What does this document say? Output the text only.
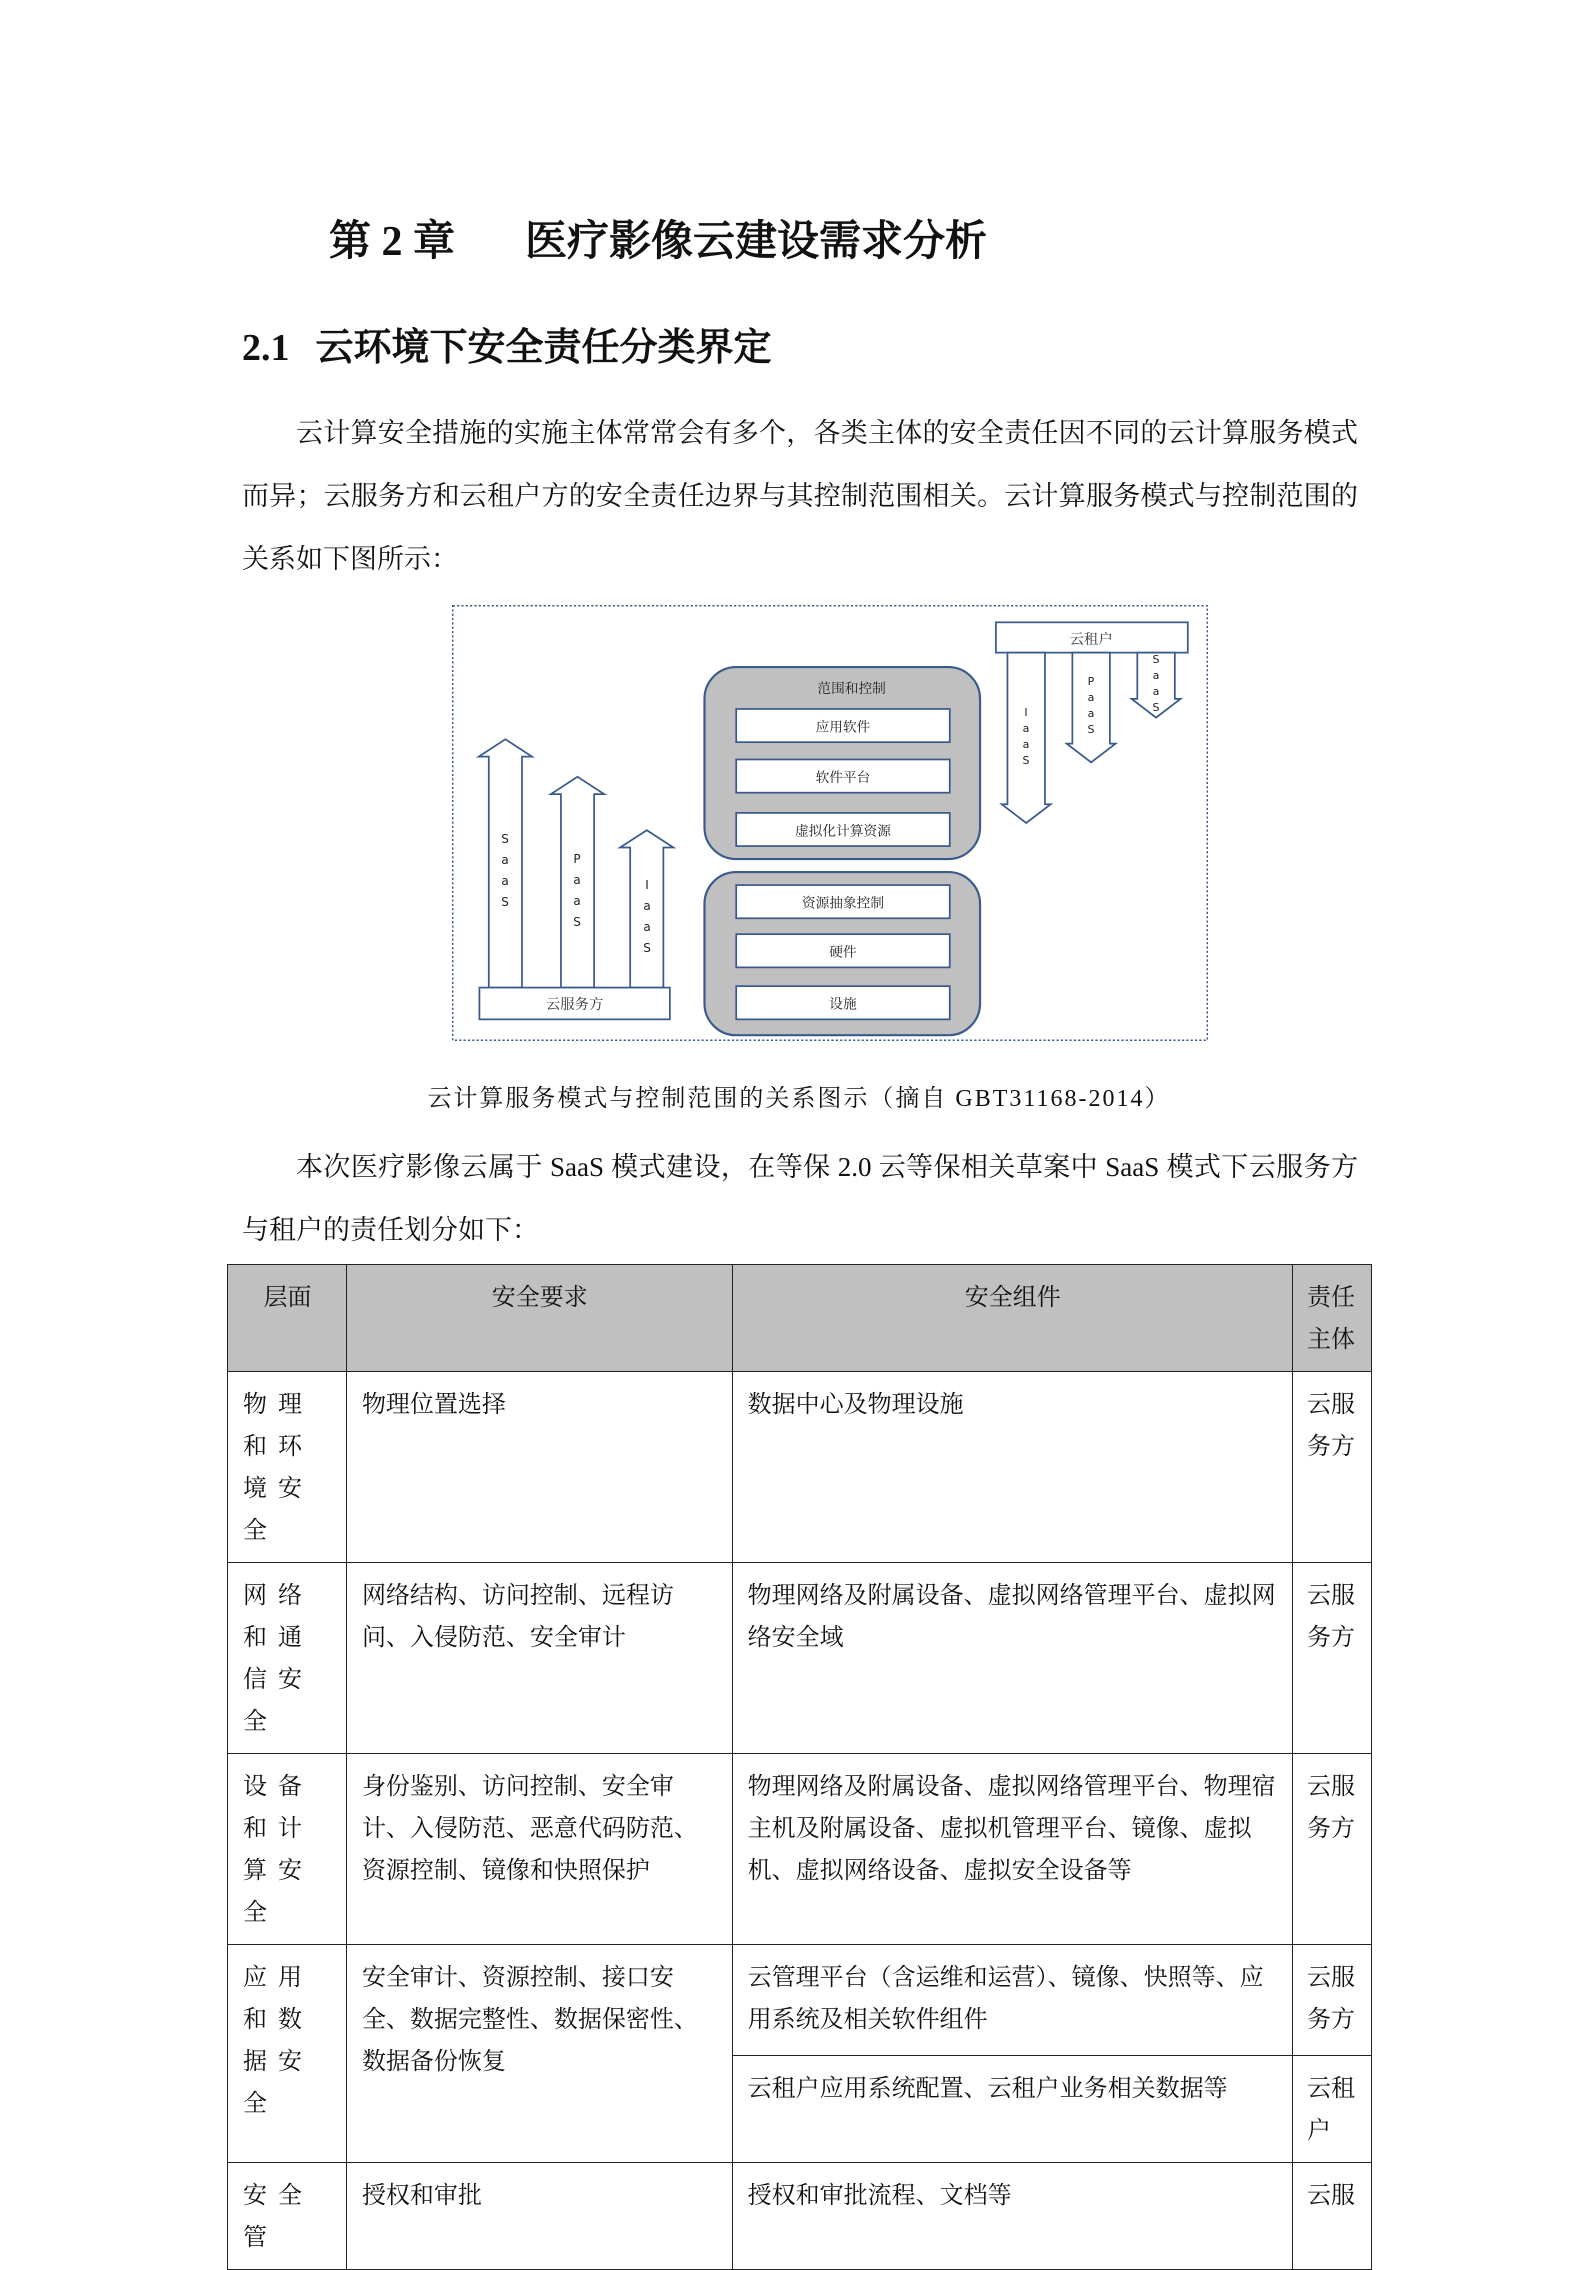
第 2 章 医疗影像云建设需求分析
2.1 云环境下安全责任分类界定
云计算安全措施的实施主体常常会有多个，各类主体的安全责任因不同的云计算服务模式而异；云服务方和云租户方的安全责任边界与其控制范围相关。云计算服务模式与控制范围的关系如下图所示：
云租户
范围和控制
应用软件
软件平台
虚拟化计算资源
资源抽象控制
硬件
设施
云服务方
SaaS	PaaS	IaaS
IaaS	PaaS	SaaS
云计算服务模式与控制范围的关系图示（摘自 GBT31168-2014）
本次医疗影像云属于 SaaS 模式建设，在等保 2.0 云等保相关草案中 SaaS 模式下云服务方与租户的责任划分如下：
层面	安全要求	安全组件	责任主体
物理和环境安全	物理位置选择	数据中心及物理设施	云服务方
网络和通信安全	网络结构、访问控制、远程访问、入侵防范、安全审计	物理网络及附属设备、虚拟网络管理平台、虚拟网络安全域	云服务方
设备和计算安全	身份鉴别、访问控制、安全审计、入侵防范、恶意代码防范、资源控制、镜像和快照保护	物理网络及附属设备、虚拟网络管理平台、物理宿主机及附属设备、虚拟机管理平台、镜像、虚拟机、虚拟网络设备、虚拟安全设备等	云服务方
应用和数据安全	安全审计、资源控制、接口安全、数据完整性、数据保密性、数据备份恢复	云管理平台（含运维和运营）、镜像、快照等、应用系统及相关软件组件	云服务方
		云租户应用系统配置、云租户业务相关数据等	云租户
安全管	授权和审批	授权和审批流程、文档等	云服
